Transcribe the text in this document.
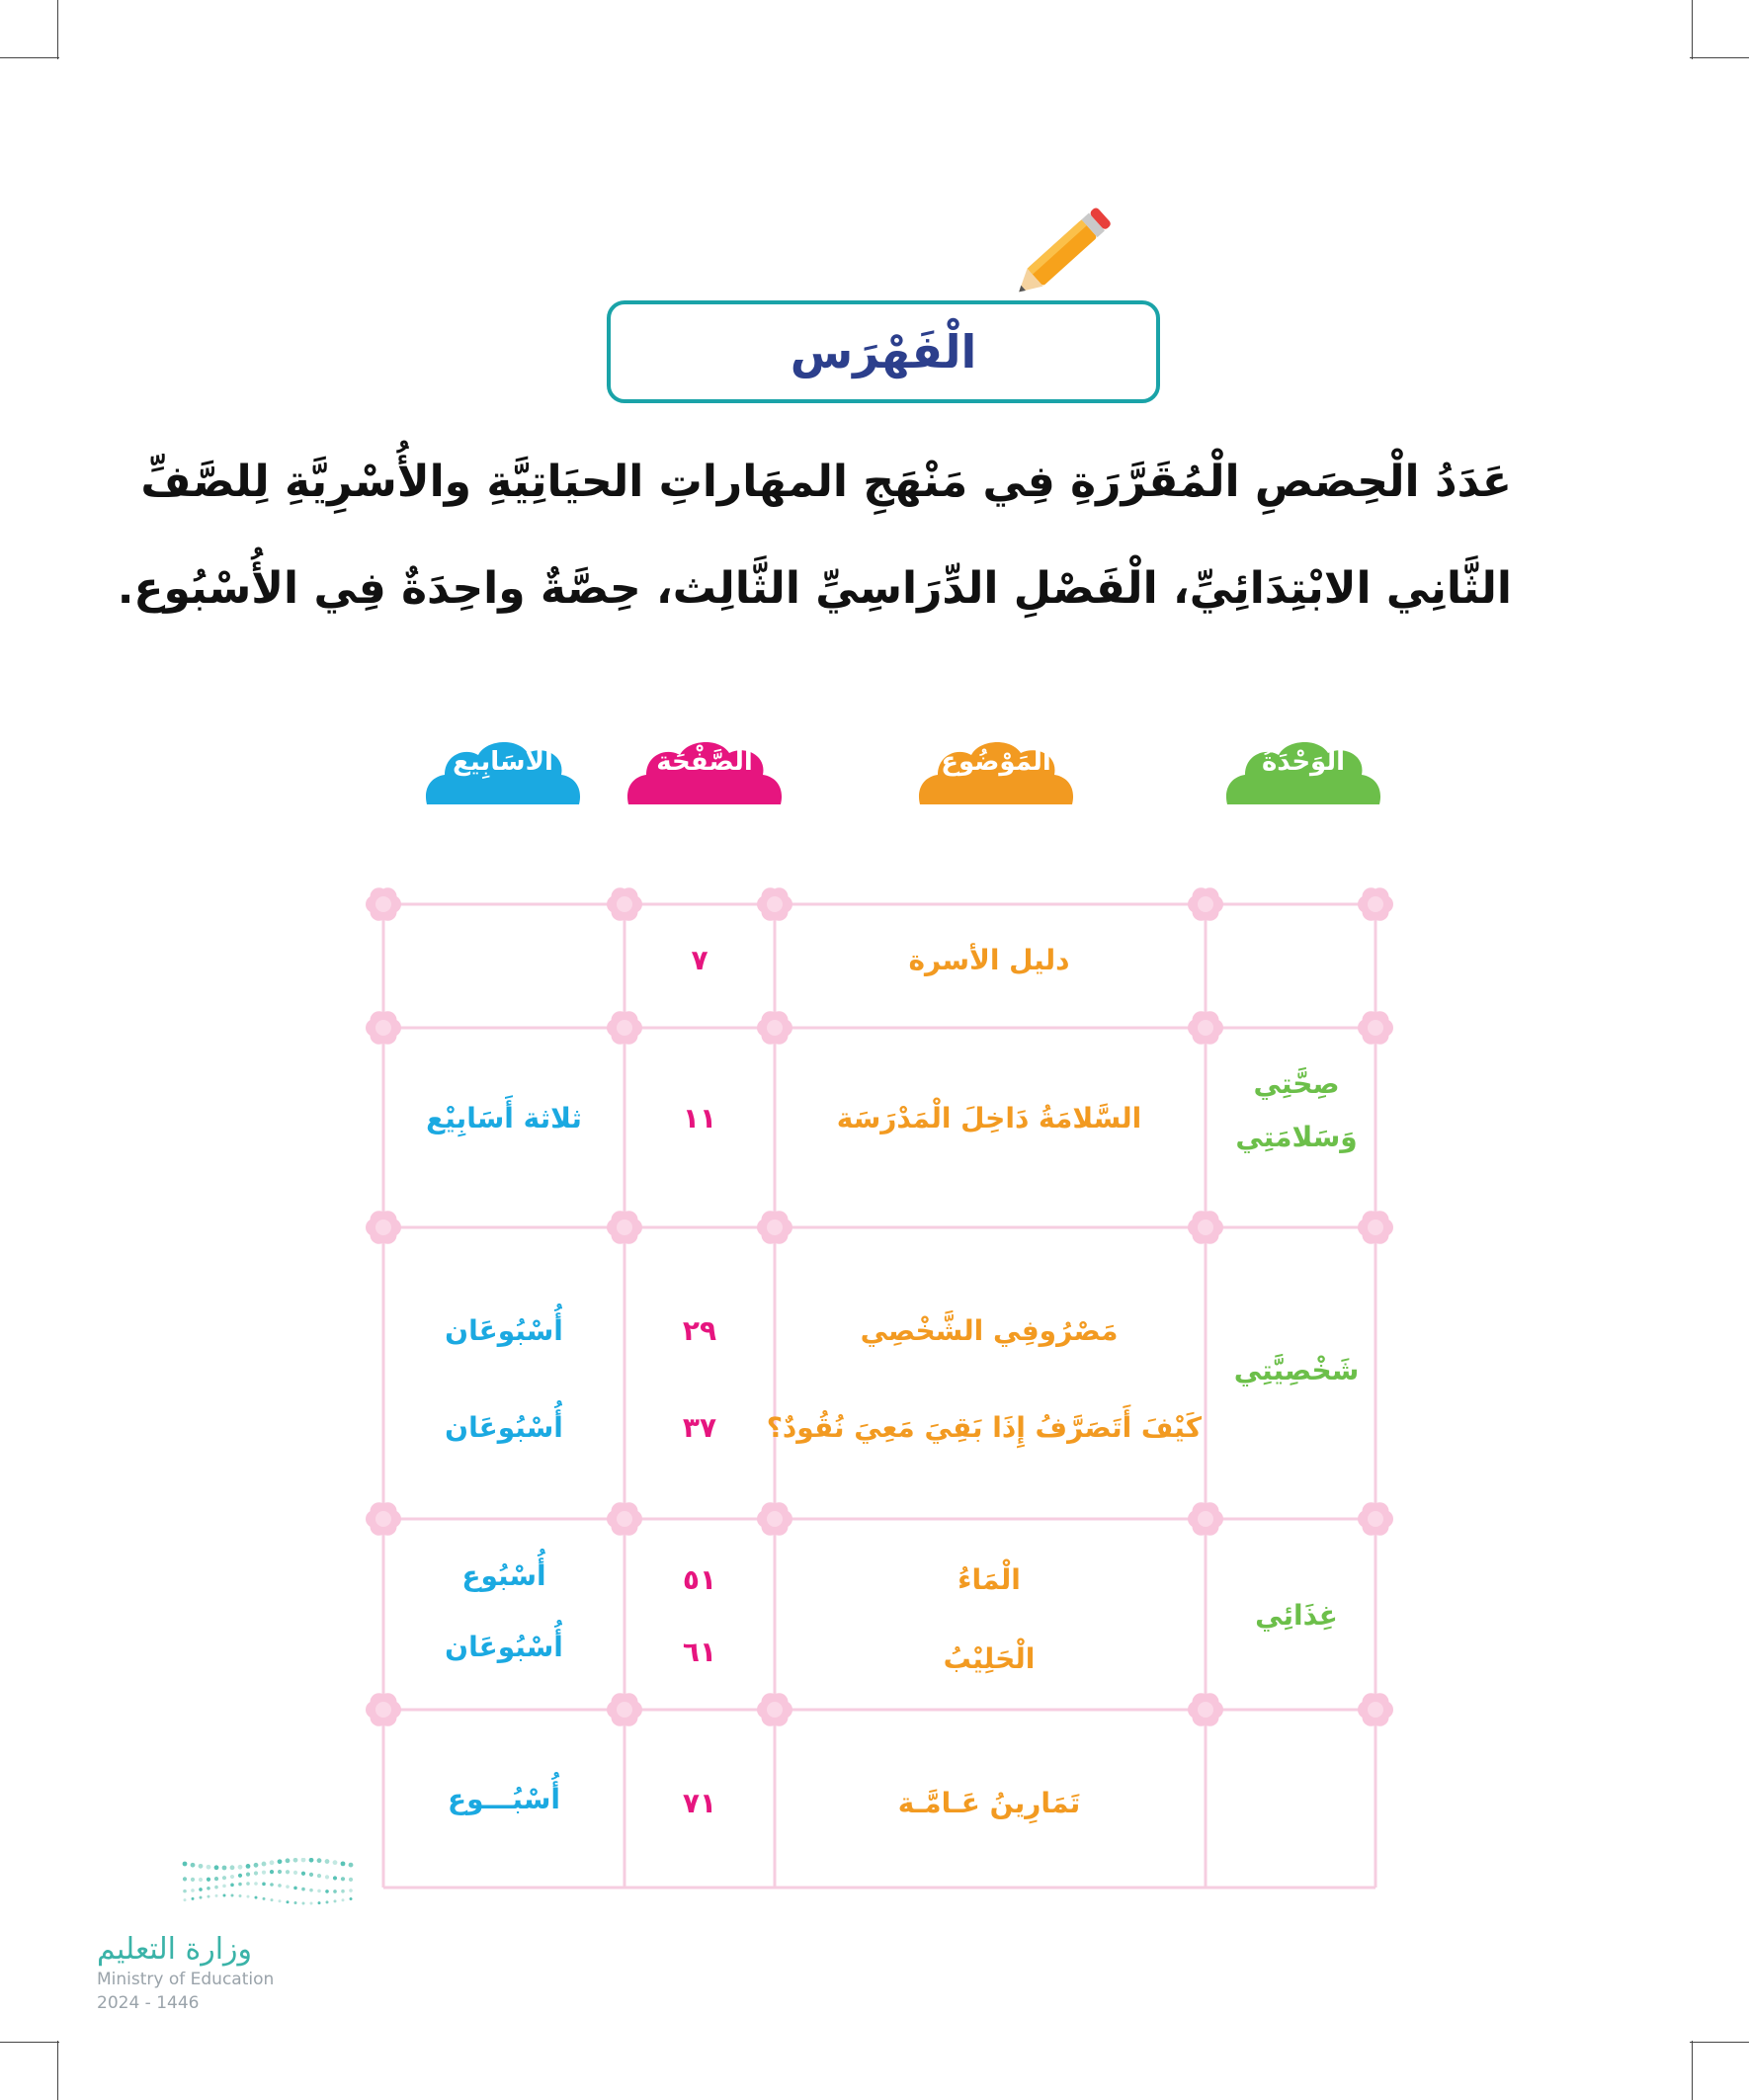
الْفَهْرَس
عَدَدُ الْحِصَصِ الْمُقَرَّرَةِ فِي مَنْهَجِ المهَاراتِ الحيَاتِيَّةِ والأُسْرِيَّةِ لِلصَّفِّ
الثَّانِي الابْتِدَائِيِّ، الْفَصْلِ الدِّرَاسِيِّ الثَّالِث، حِصَّةٌ واحِدَةٌ فِي الأُسْبُوع.
الوَحْدَةُ
المَوْضُوع
الصَّفْحَة
الأَسَابِيع
دليل الأسرة
٧
صِحَّتِي
وَسَلامَتِي
السَّلامَةُ دَاخِلَ الْمَدْرَسَة
١١
ثلاثة أَسَابِيْع
شَخْصِيَّتِي
مَصْرُوفِي الشَّخْصِي
٢٩
أُسْبُوعَان
كَيْفَ أَتَصَرَّفُ إِذَا بَقِيَ مَعِيَ نُقُودٌ؟
٣٧
أُسْبُوعَان
غِذَائِي
الْمَاءُ
٥١
أُسْبُوع
الْحَلِيْبُ
٦١
أُسْبُوعَان
تَمَارِينُ عَـامَّـة
٧١
أُسْبُـــوع
وزارة التعليم
Ministry of Education
2024 - 1446
